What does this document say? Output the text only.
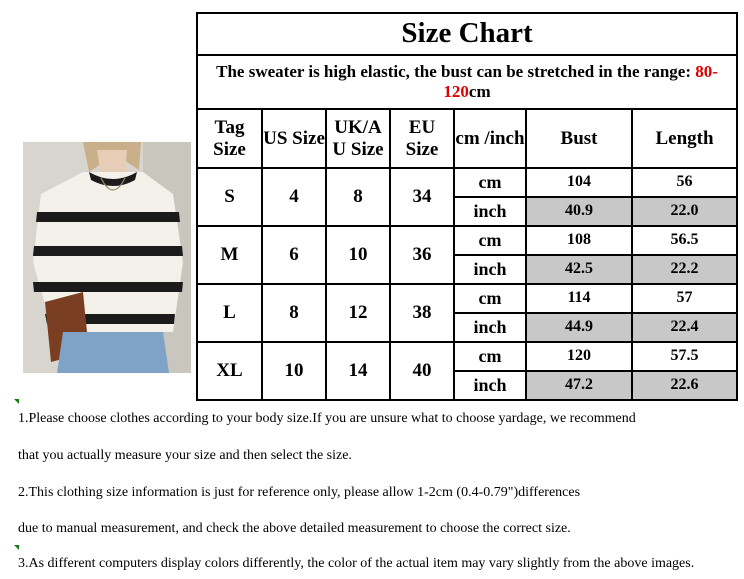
Size Chart						
The sweater is high elastic, the bust can be stretched in the range: 80-120cm						
Tag Size	US Size	UK/A U Size	EU Size	cm /inch	Bust	Length
S	4	8	34	cm	104	56
				inch	40.9	22.0
M	6	10	36	cm	108	56.5
				inch	42.5	22.2
L	8	12	38	cm	114	57
				inch	44.9	22.4
XL	10	14	40	cm	120	57.5
				inch	47.2	22.6

1.Please choose clothes according to your body size.If you are unsure what to choose yardage, we recommend

that you actually measure your size and then select the size.

2.This clothing size information is just for reference only, please allow 1-2cm (0.4-0.79")differences

due to manual measurement, and check the above detailed measurement to choose the correct size.

3.As different computers display colors differently, the color of the actual item may vary slightly from the above images.
